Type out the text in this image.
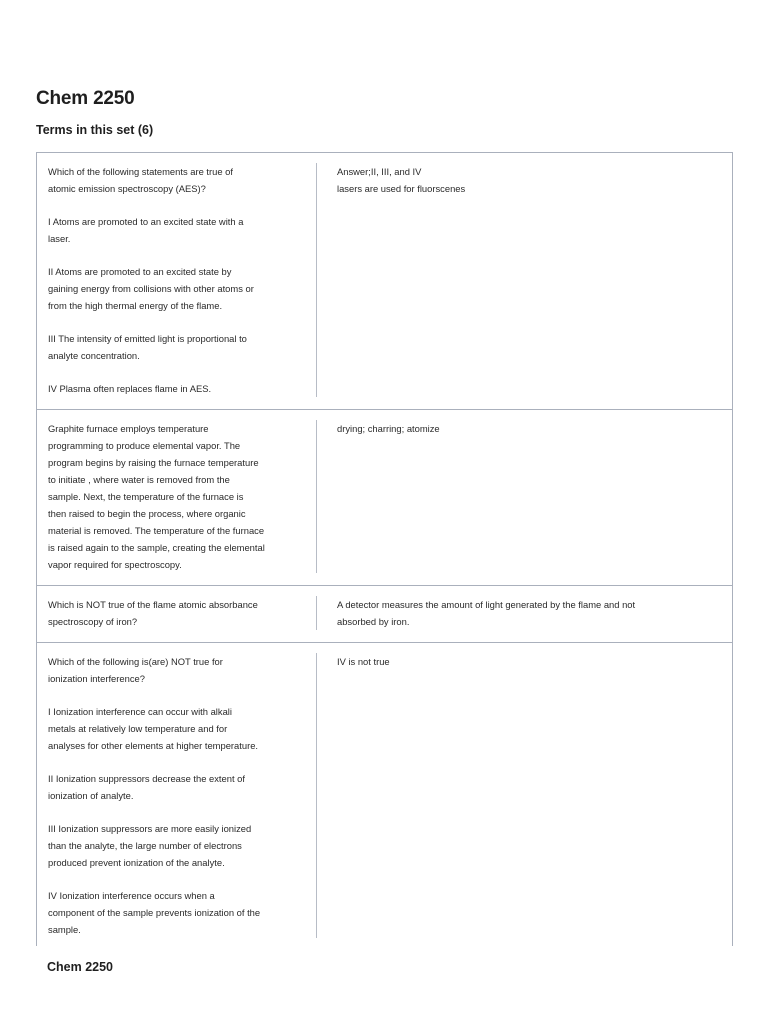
Chem 2250
Terms in this set (6)

Which of the following statements are true of
atomic emission spectroscopy (AES)?

I Atoms are promoted to an excited state with a
laser.

II Atoms are promoted to an excited state by
gaining energy from collisions with other atoms or
from the high thermal energy of the flame.

III The intensity of emitted light is proportional to
analyte concentration.

IV Plasma often replaces flame in AES.

Answer;II, III, and IV
lasers are used for fluorscenes

Graphite furnace employs temperature
programming to produce elemental vapor. The
program begins by raising the furnace temperature
to initiate , where water is removed from the
sample. Next, the temperature of the furnace is
then raised to begin the process, where organic
material is removed. The temperature of the furnace
is raised again to the sample, creating the elemental
vapor required for spectroscopy.

drying; charring; atomize

Which is NOT true of the flame atomic absorbance
spectroscopy of iron?

A detector measures the amount of light generated by the flame and not
absorbed by iron.

Which of the following is(are) NOT true for
ionization interference?

I Ionization interference can occur with alkali
metals at relatively low temperature and for
analyses for other elements at higher temperature.

II Ionization suppressors decrease the extent of
ionization of analyte.

III Ionization suppressors are more easily ionized
than the analyte, the large number of electrons
produced prevent ionization of the analyte.

IV Ionization interference occurs when a
component of the sample prevents ionization of the
sample.

IV is not true

Chem 2250
